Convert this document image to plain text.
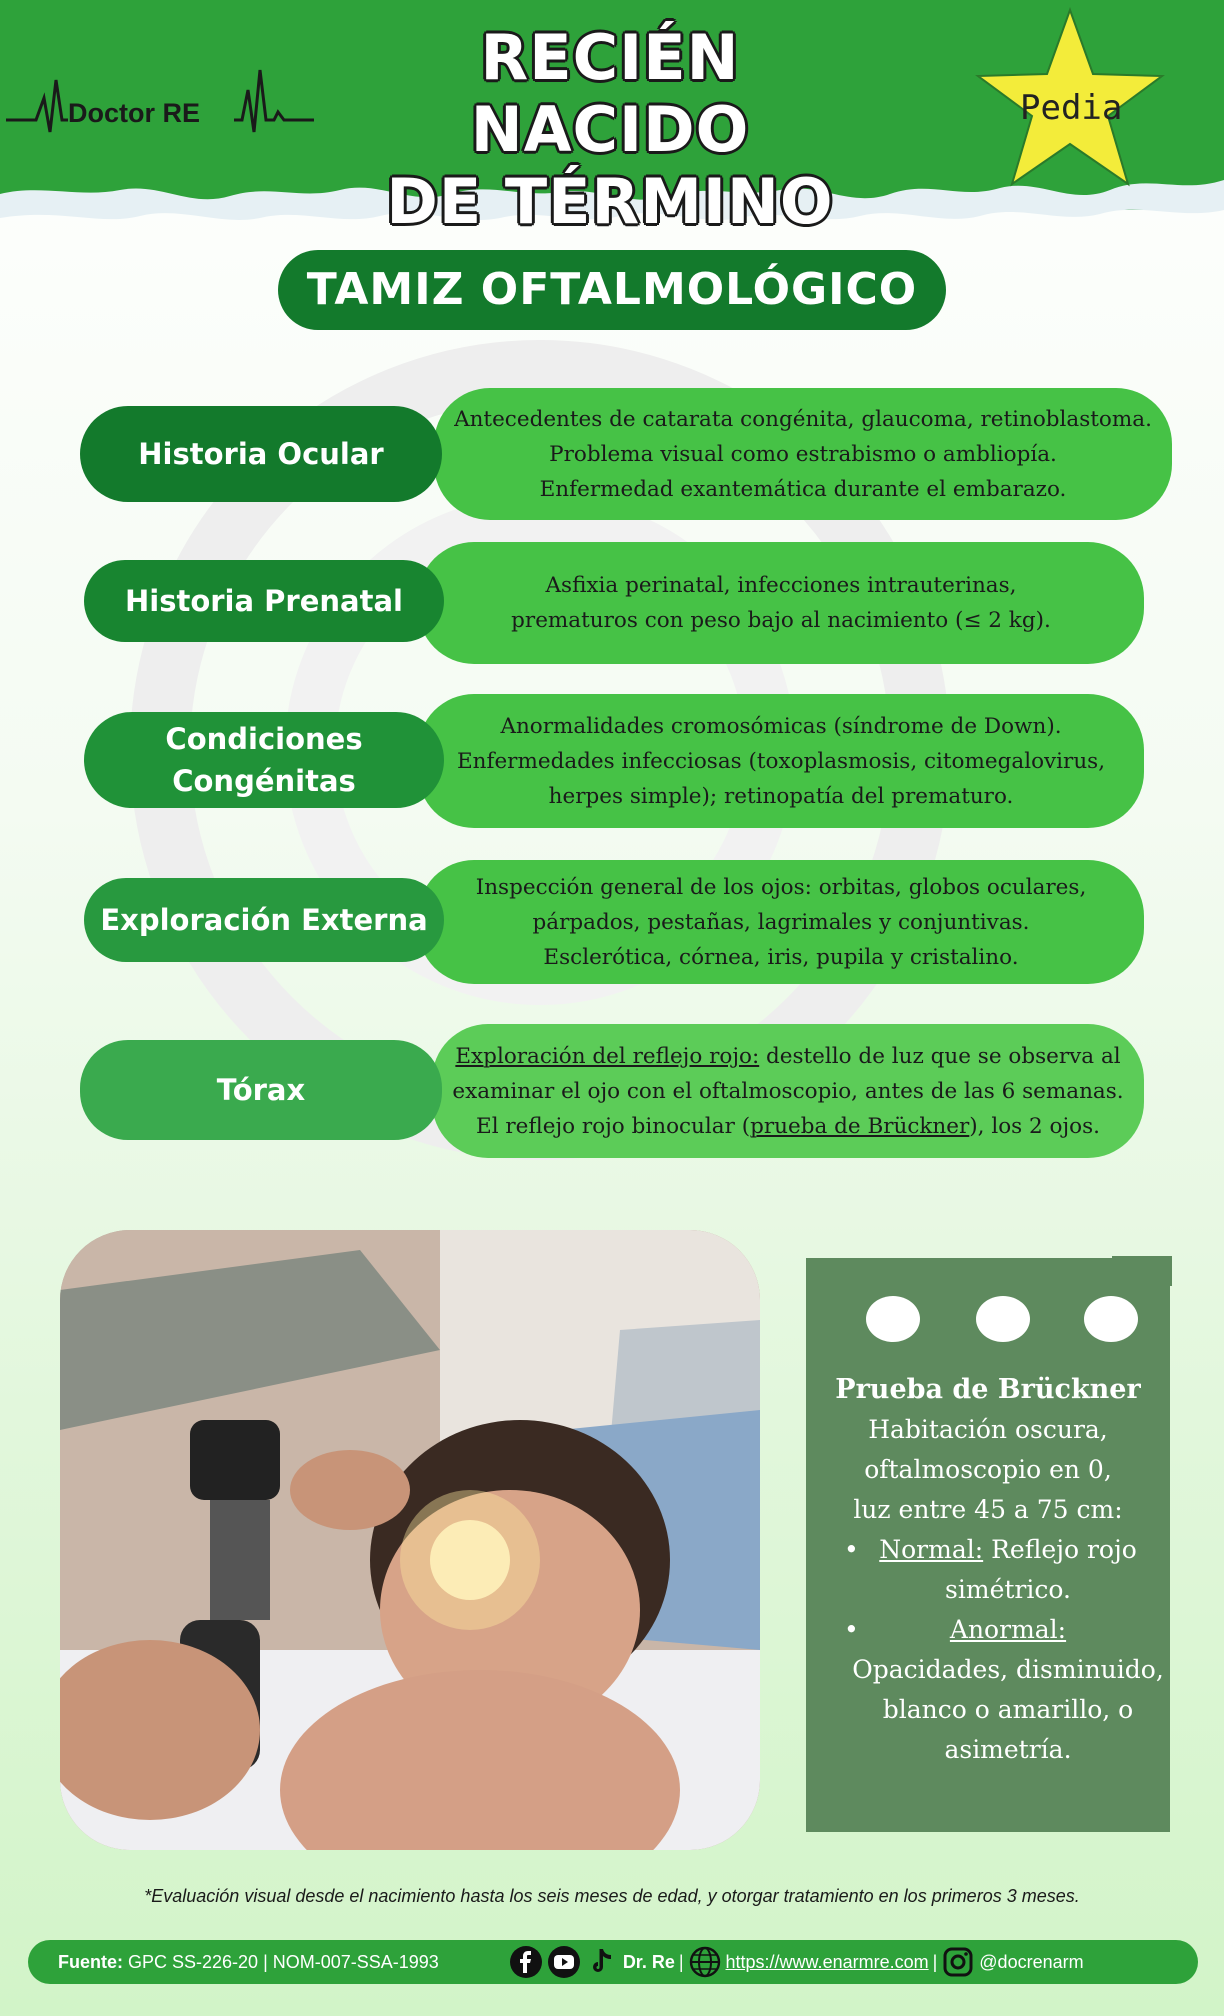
Doctor RE
RECIÉN NACIDO
DE TÉRMINO
Pedia
TAMIZ OFTALMOLÓGICO
Antecedentes de catarata congénita, glaucoma, retinoblastoma.
Problema visual como estrabismo o ambliopía.
Enfermedad exantemática durante el embarazo.
Historia Ocular
Asfixia perinatal, infecciones intrauterinas,
prematuros con peso bajo al nacimiento (≤ 2 kg).
Historia Prenatal
Anormalidades cromosómicas (síndrome de Down).
Enfermedades infecciosas (toxoplasmosis, citomegalovirus,
herpes simple); retinopatía del prematuro.
Condiciones
Congénitas
Inspección general de los ojos: orbitas, globos oculares,
párpados, pestañas, lagrimales y conjuntivas.
Esclerótica, córnea, iris, pupila y cristalino.
Exploración Externa
Exploración del reflejo rojo: destello de luz que se observa al
examinar el ojo con el oftalmoscopio, antes de las 6 semanas.
El reflejo rojo binocular (prueba de Brückner), los 2 ojos.
Tórax
Prueba de Brückner
Habitación oscura,
oftalmoscopio en 0,
luz entre 45 a 75 cm:
• Normal: Reflejo rojo simétrico.
• Anormal:
Opacidades, disminuido, blanco o amarillo, o asimetría.
*Evaluación visual desde el nacimiento hasta los seis meses de edad, y otorgar tratamiento en los primeros 3 meses.
Fuente: GPC SS-226-20 | NOM-007-SSA-1993	Dr. Re | https://www.enarmre.com | @docrenarm
